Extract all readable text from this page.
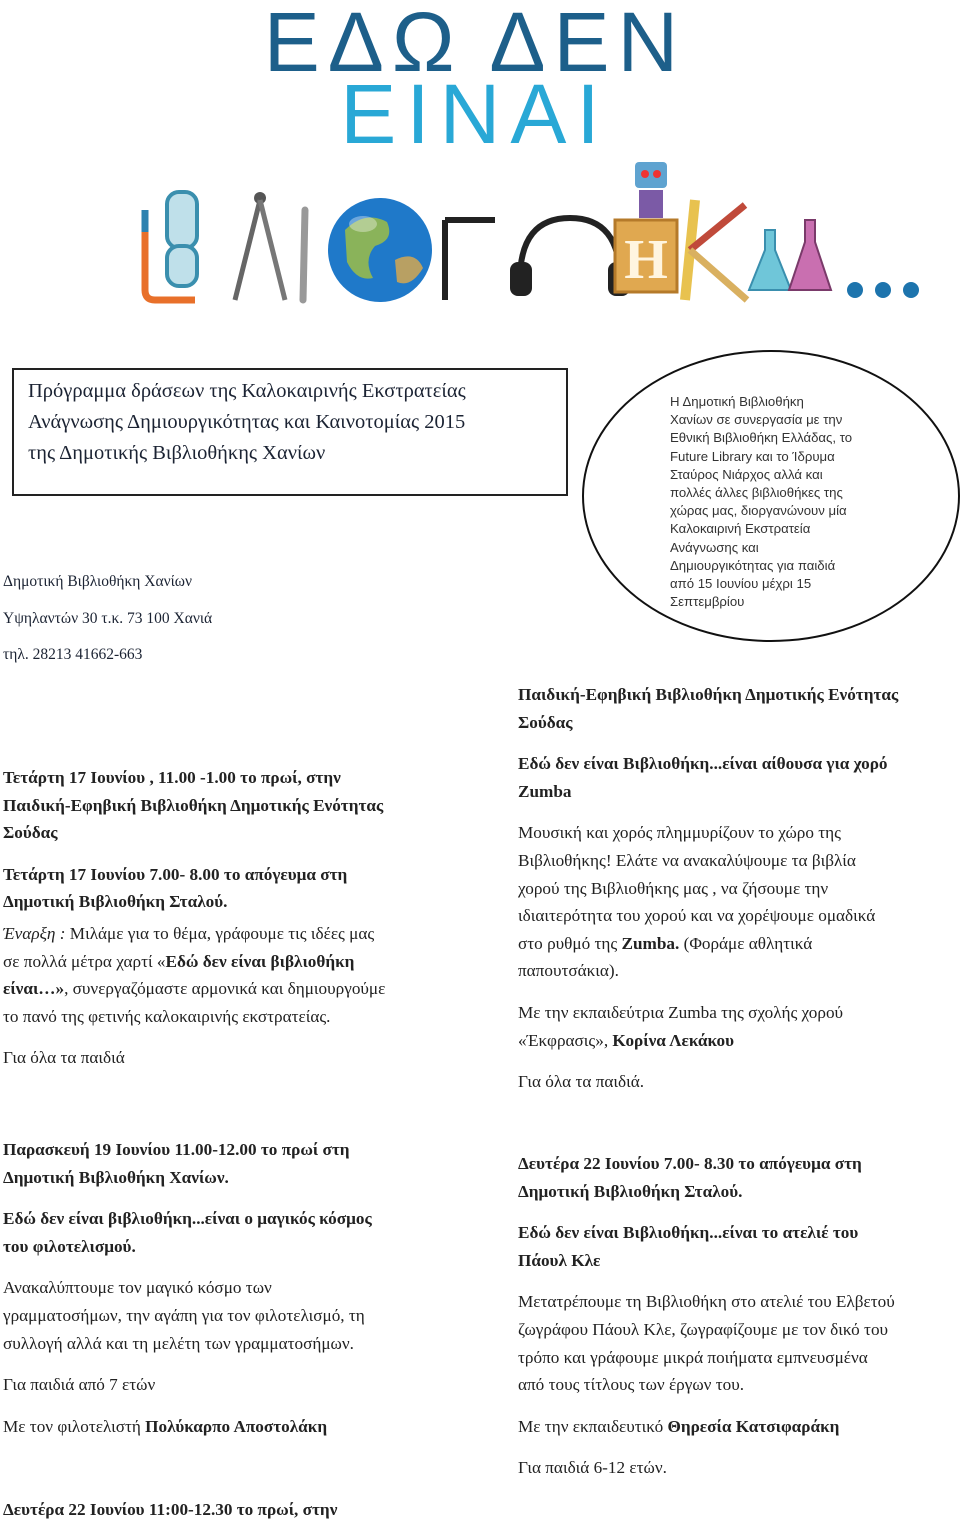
ΕΔΩ ΔΕΝ
ΕΙΝΑΙ
Η
Πρόγραμμα δράσεων της Καλοκαιρινής Εκστρατείας
Ανάγνωσης Δημιουργικότητας και Καινοτομίας 2015
της Δημοτικής Βιβλιοθήκης Χανίων
Η Δημοτική Βιβλιοθήκη
Χανίων σε συνεργασία με την
Εθνική Βιβλιοθήκη Ελλάδας, το
Future Library και το Ίδρυμα
Σταύρος Νιάρχος αλλά και
πολλές άλλες βιβλιοθήκες της
χώρας μας, διοργανώνουν μία
Καλοκαιρινή Εκστρατεία
Ανάγνωσης και
Δημιουργικότητας για παιδιά
από 15 Ιουνίου μέχρι 15
Σεπτεμβρίου
Δημοτική Βιβλιοθήκη Χανίων
Υψηλαντών 30 τ.κ. 73 100 Χανιά
τηλ. 28213 41662-663
Τετάρτη 17 Ιουνίου , 11.00 -1.00 το πρωί, στην
Παιδική-Εφηβική Βιβλιοθήκη Δημοτικής Ενότητας
Σούδας
Τετάρτη 17 Ιουνίου 7.00- 8.00 το απόγευμα στη
Δημοτική Βιβλιοθήκη Σταλού.
Έναρξη : Μιλάμε για το θέμα, γράφουμε τις ιδέες μας
σε πολλά μέτρα χαρτί «Εδώ δεν είναι βιβλιοθήκη
είναι…», συνεργαζόμαστε αρμονικά και δημιουργούμε
το πανό της φετινής καλοκαιρινής εκστρατείας.
Για όλα τα παιδιά
Παιδική-Εφηβική Βιβλιοθήκη Δημοτικής Ενότητας
Σούδας
Εδώ δεν είναι Βιβλιοθήκη...είναι αίθουσα για χορό
Zumba
Μουσική και χορός πλημμυρίζουν το χώρο της
Βιβλιοθήκης! Ελάτε να ανακαλύψουμε τα βιβλία
χορού της Βιβλιοθήκης μας , να ζήσουμε την
ιδιαιτερότητα του χορού και να χορέψουμε ομαδικά
στο ρυθμό της Zumba. (Φοράμε αθλητικά
παπουτσάκια).
Με την εκπαιδεύτρια Zumba της σχολής χορού
«Έκφρασις», Κορίνα Λεκάκου
Για όλα τα παιδιά.
Παρασκευή 19 Ιουνίου 11.00-12.00 το πρωί στη
Δημοτική Βιβλιοθήκη Χανίων.
Εδώ δεν είναι βιβλιοθήκη...είναι ο μαγικός κόσμος
του φιλοτελισμού.
Ανακαλύπτουμε τον μαγικό κόσμο των
γραμματοσήμων, την αγάπη για τον φιλοτελισμό, τη
συλλογή αλλά και τη μελέτη των γραμματοσήμων.
Για παιδιά από 7 ετών
Με τον φιλοτελιστή Πολύκαρπο Αποστολάκη
Δευτέρα 22 Ιουνίου 7.00- 8.30 το απόγευμα στη
Δημοτική Βιβλιοθήκη Σταλού.
Εδώ δεν είναι Βιβλιοθήκη...είναι το ατελιέ του
Πάουλ Κλε
Μετατρέπουμε τη Βιβλιοθήκη στο ατελιέ του Ελβετού
ζωγράφου Πάουλ Κλε, ζωγραφίζουμε με τον δικό του
τρόπο και γράφουμε μικρά ποιήματα εμπνευσμένα
από τους τίτλους των έργων του.
Με την εκπαιδευτικό Θηρεσία Κατσιφαράκη
Για παιδιά 6-12 ετών.
Δευτέρα 22 Ιουνίου 11:00-12.30 το πρωί, στην
